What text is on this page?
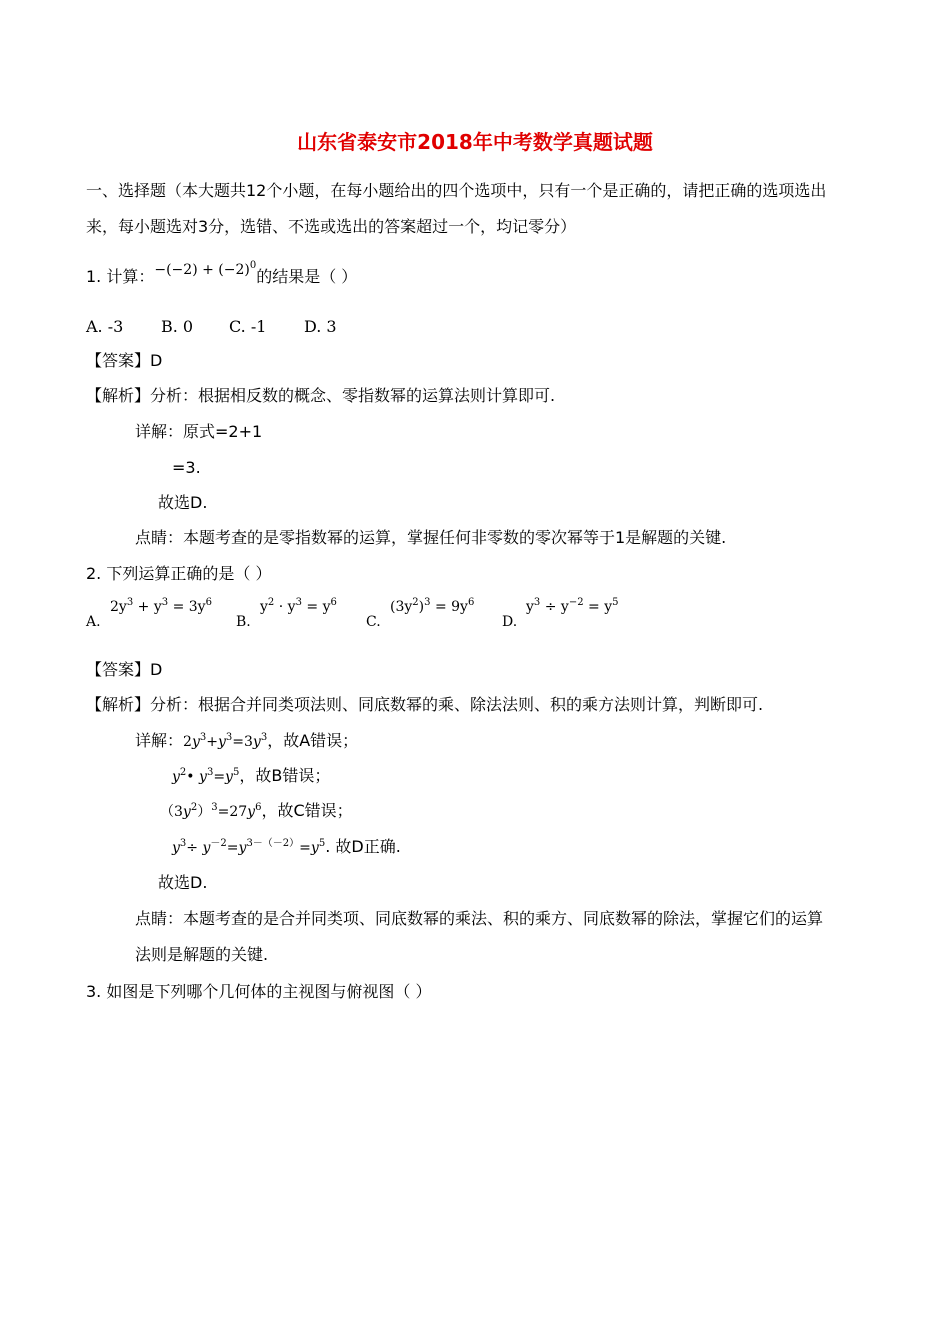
山东省泰安市2018年中考数学真题试题
一、选择题（本大题共12个小题，在每小题给出的四个选项中，只有一个是正确的，请把正确的选项选出
来，每小题选对3分，选错、不选或选出的答案超过一个，均记零分）
1. 计算：$-(-2) + (-2)^0$的结果是（ ）
A. -3 B. 0 C. -1 D. 3
【答案】D
【解析】分析：根据相反数的概念、零指数幂的运算法则计算即可.
详解：原式=2+1
=3.
故选D.
点睛：本题考查的是零指数幂的运算，掌握任何非零数的零次幂等于1是解题的关键.
2. 下列运算正确的是（ ）
A.
$2y^3 + y^3 = 3y^6$
B.
$y^2 \cdot y^3 = y^6$
C.
$(3y^2)^3 = 9y^6$
D.
$y^3 \div y^{-2} = y^5$
【答案】D
【解析】分析：根据合并同类项法则、同底数幂的乘、除法法则、积的乘方法则计算，判断即可.
详解：$2y^3+y^3=3y^3$，故A错误；
$y^2•$ $y^3=y^5$，故B错误；
$(3y^2)^3=27y^6$，故C错误；
$y^3\div y^{-2}=y^{3-(-2)}=y^5$. 故D正确.
故选D.
点睛：本题考查的是合并同类项、同底数幂的乘法、积的乘方、同底数幂的除法，掌握它们的运算
法则是解题的关键.
3. 如图是下列哪个几何体的主视图与俯视图（ ）
